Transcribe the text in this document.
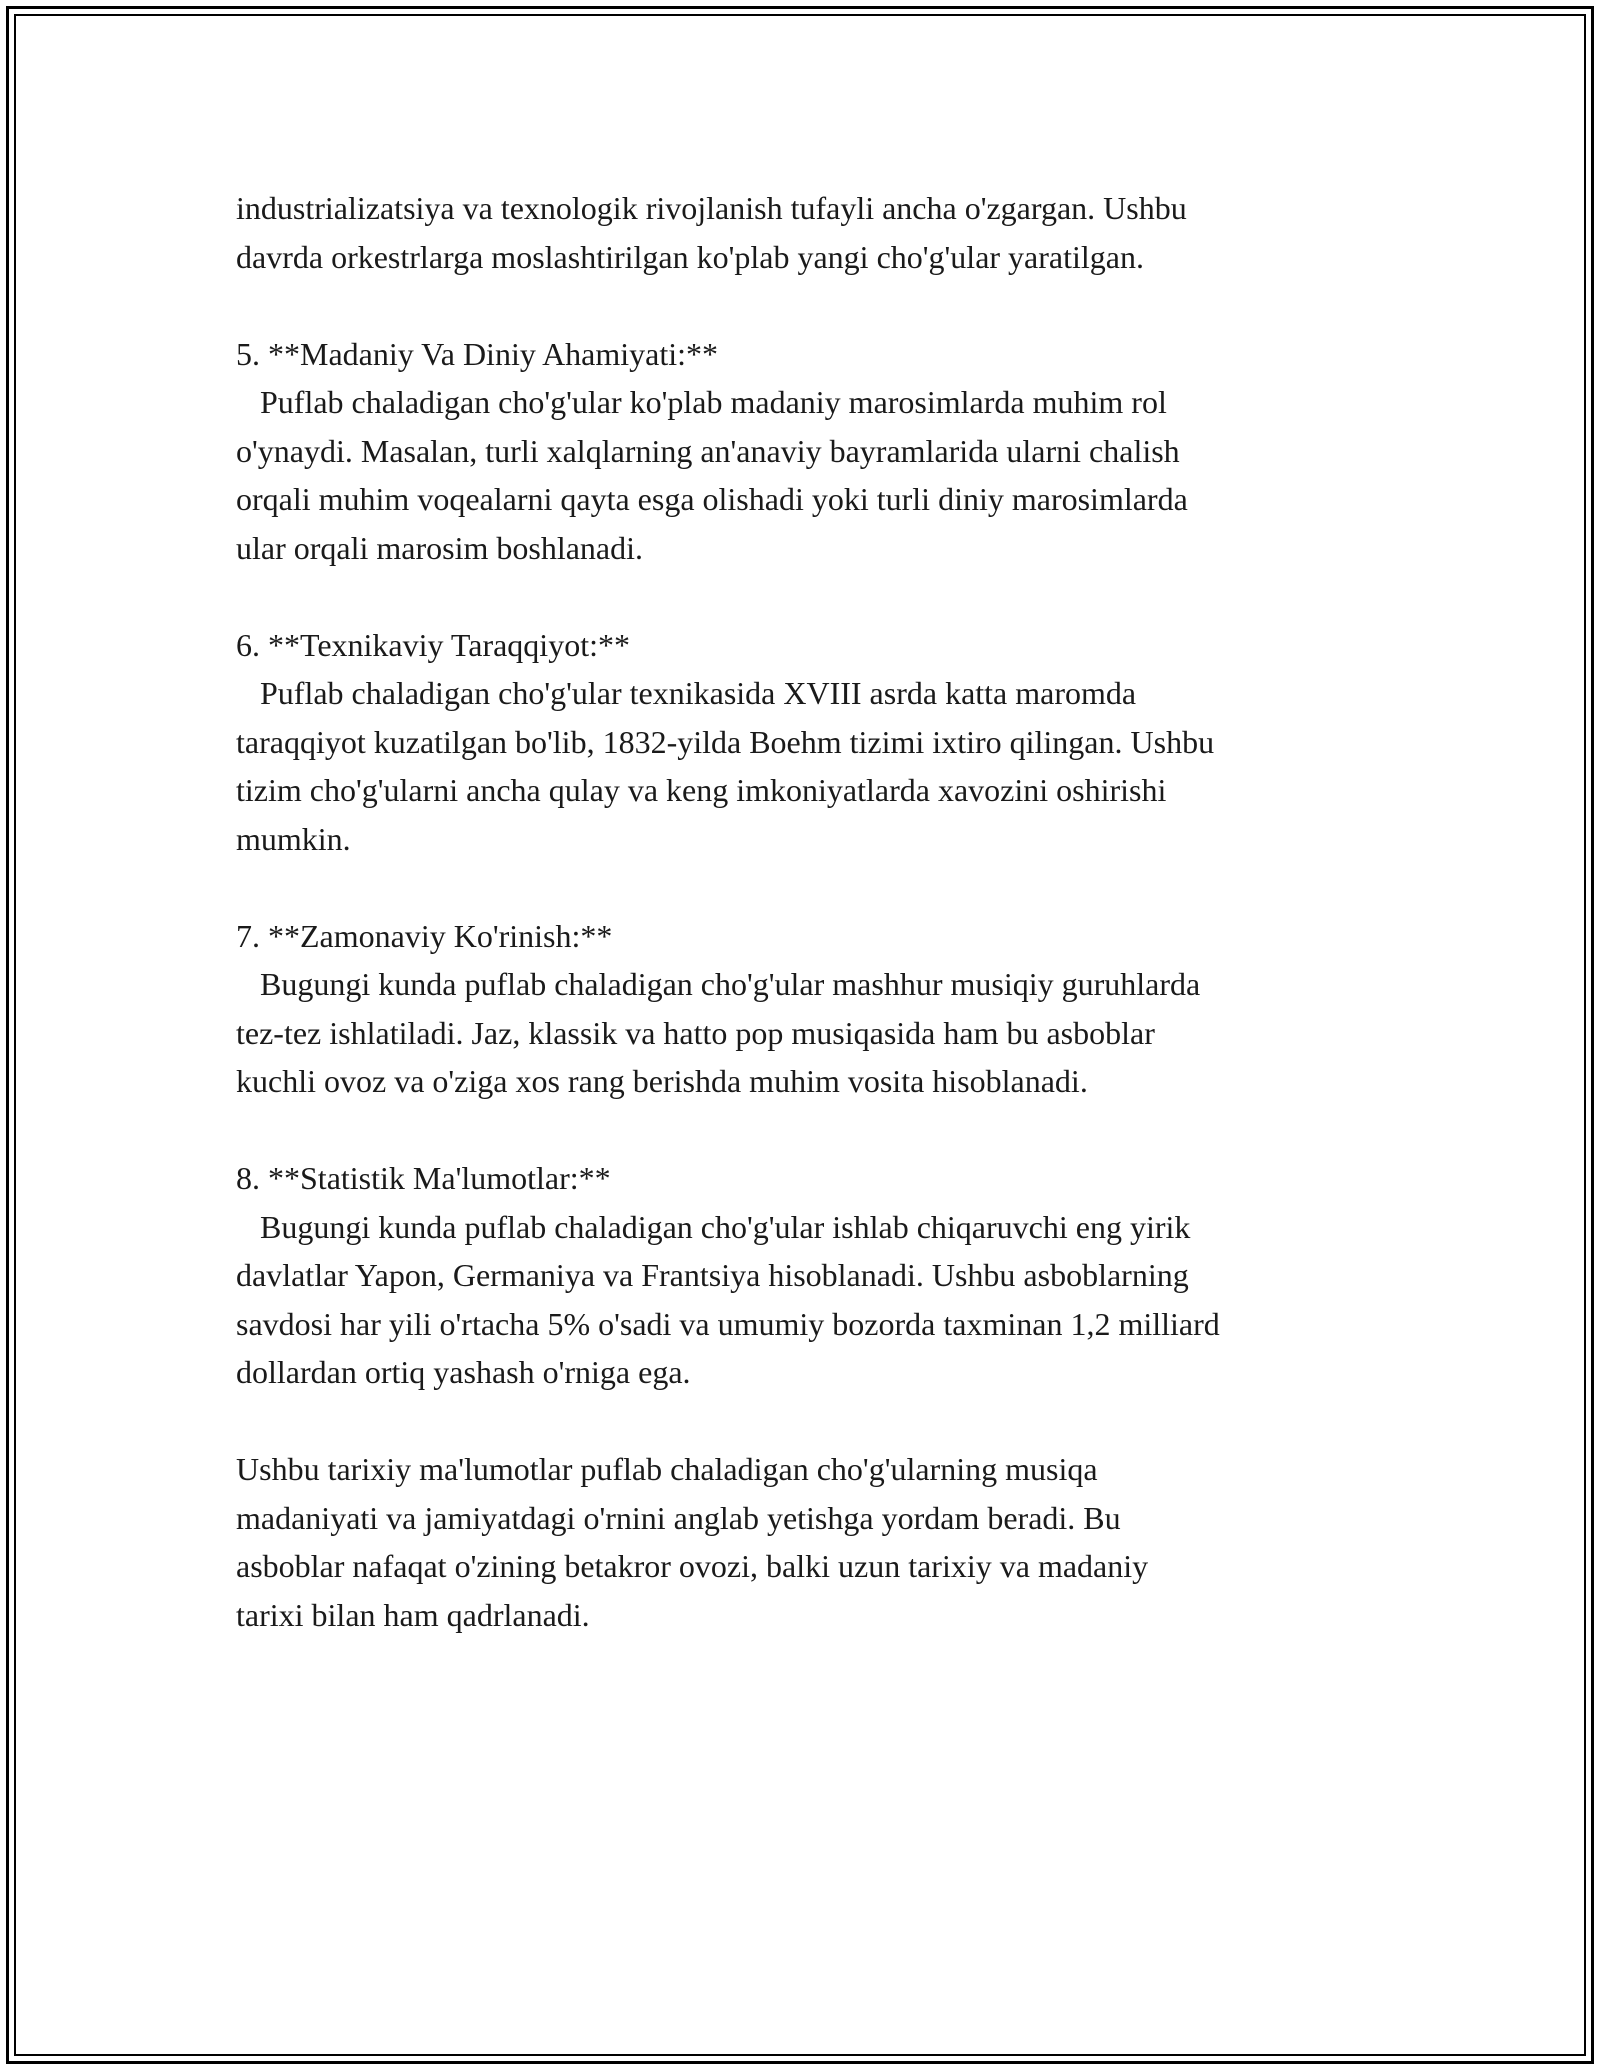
industrializatsiya va texnologik rivojlanish tufayli ancha o'zgargan. Ushbu
davrda orkestrlarga moslashtirilgan ko'plab yangi cho'g'ular yaratilgan.

5. **Madaniy Va Diniy Ahamiyati:**

Puflab chaladigan cho'g'ular ko'plab madaniy marosimlarda muhim rol
o'ynaydi. Masalan, turli xalqlarning an'anaviy bayramlarida ularni chalish
orqali muhim voqealarni qayta esga olishadi yoki turli diniy marosimlarda
ular orqali marosim boshlanadi.

6. **Texnikaviy Taraqqiyot:**

Puflab chaladigan cho'g'ular texnikasida XVIII asrda katta maromda
taraqqiyot kuzatilgan bo'lib, 1832-yilda Boehm tizimi ixtiro qilingan. Ushbu
tizim cho'g'ularni ancha qulay va keng imkoniyatlarda xavozini oshirishi
mumkin.

7. **Zamonaviy Ko'rinish:**

Bugungi kunda puflab chaladigan cho'g'ular mashhur musiqiy guruhlarda
tez-tez ishlatiladi. Jaz, klassik va hatto pop musiqasida ham bu asboblar
kuchli ovoz va o'ziga xos rang berishda muhim vosita hisoblanadi.

8. **Statistik Ma'lumotlar:**

Bugungi kunda puflab chaladigan cho'g'ular ishlab chiqaruvchi eng yirik
davlatlar Yapon, Germaniya va Frantsiya hisoblanadi. Ushbu asboblarning
savdosi har yili o'rtacha 5% o'sadi va umumiy bozorda taxminan 1,2 milliard
dollardan ortiq yashash o'rniga ega.

Ushbu tarixiy ma'lumotlar puflab chaladigan cho'g'ularning musiqa
madaniyati va jamiyatdagi o'rnini anglab yetishga yordam beradi. Bu
asboblar nafaqat o'zining betakror ovozi, balki uzun tarixiy va madaniy
tarixi bilan ham qadrlanadi.
